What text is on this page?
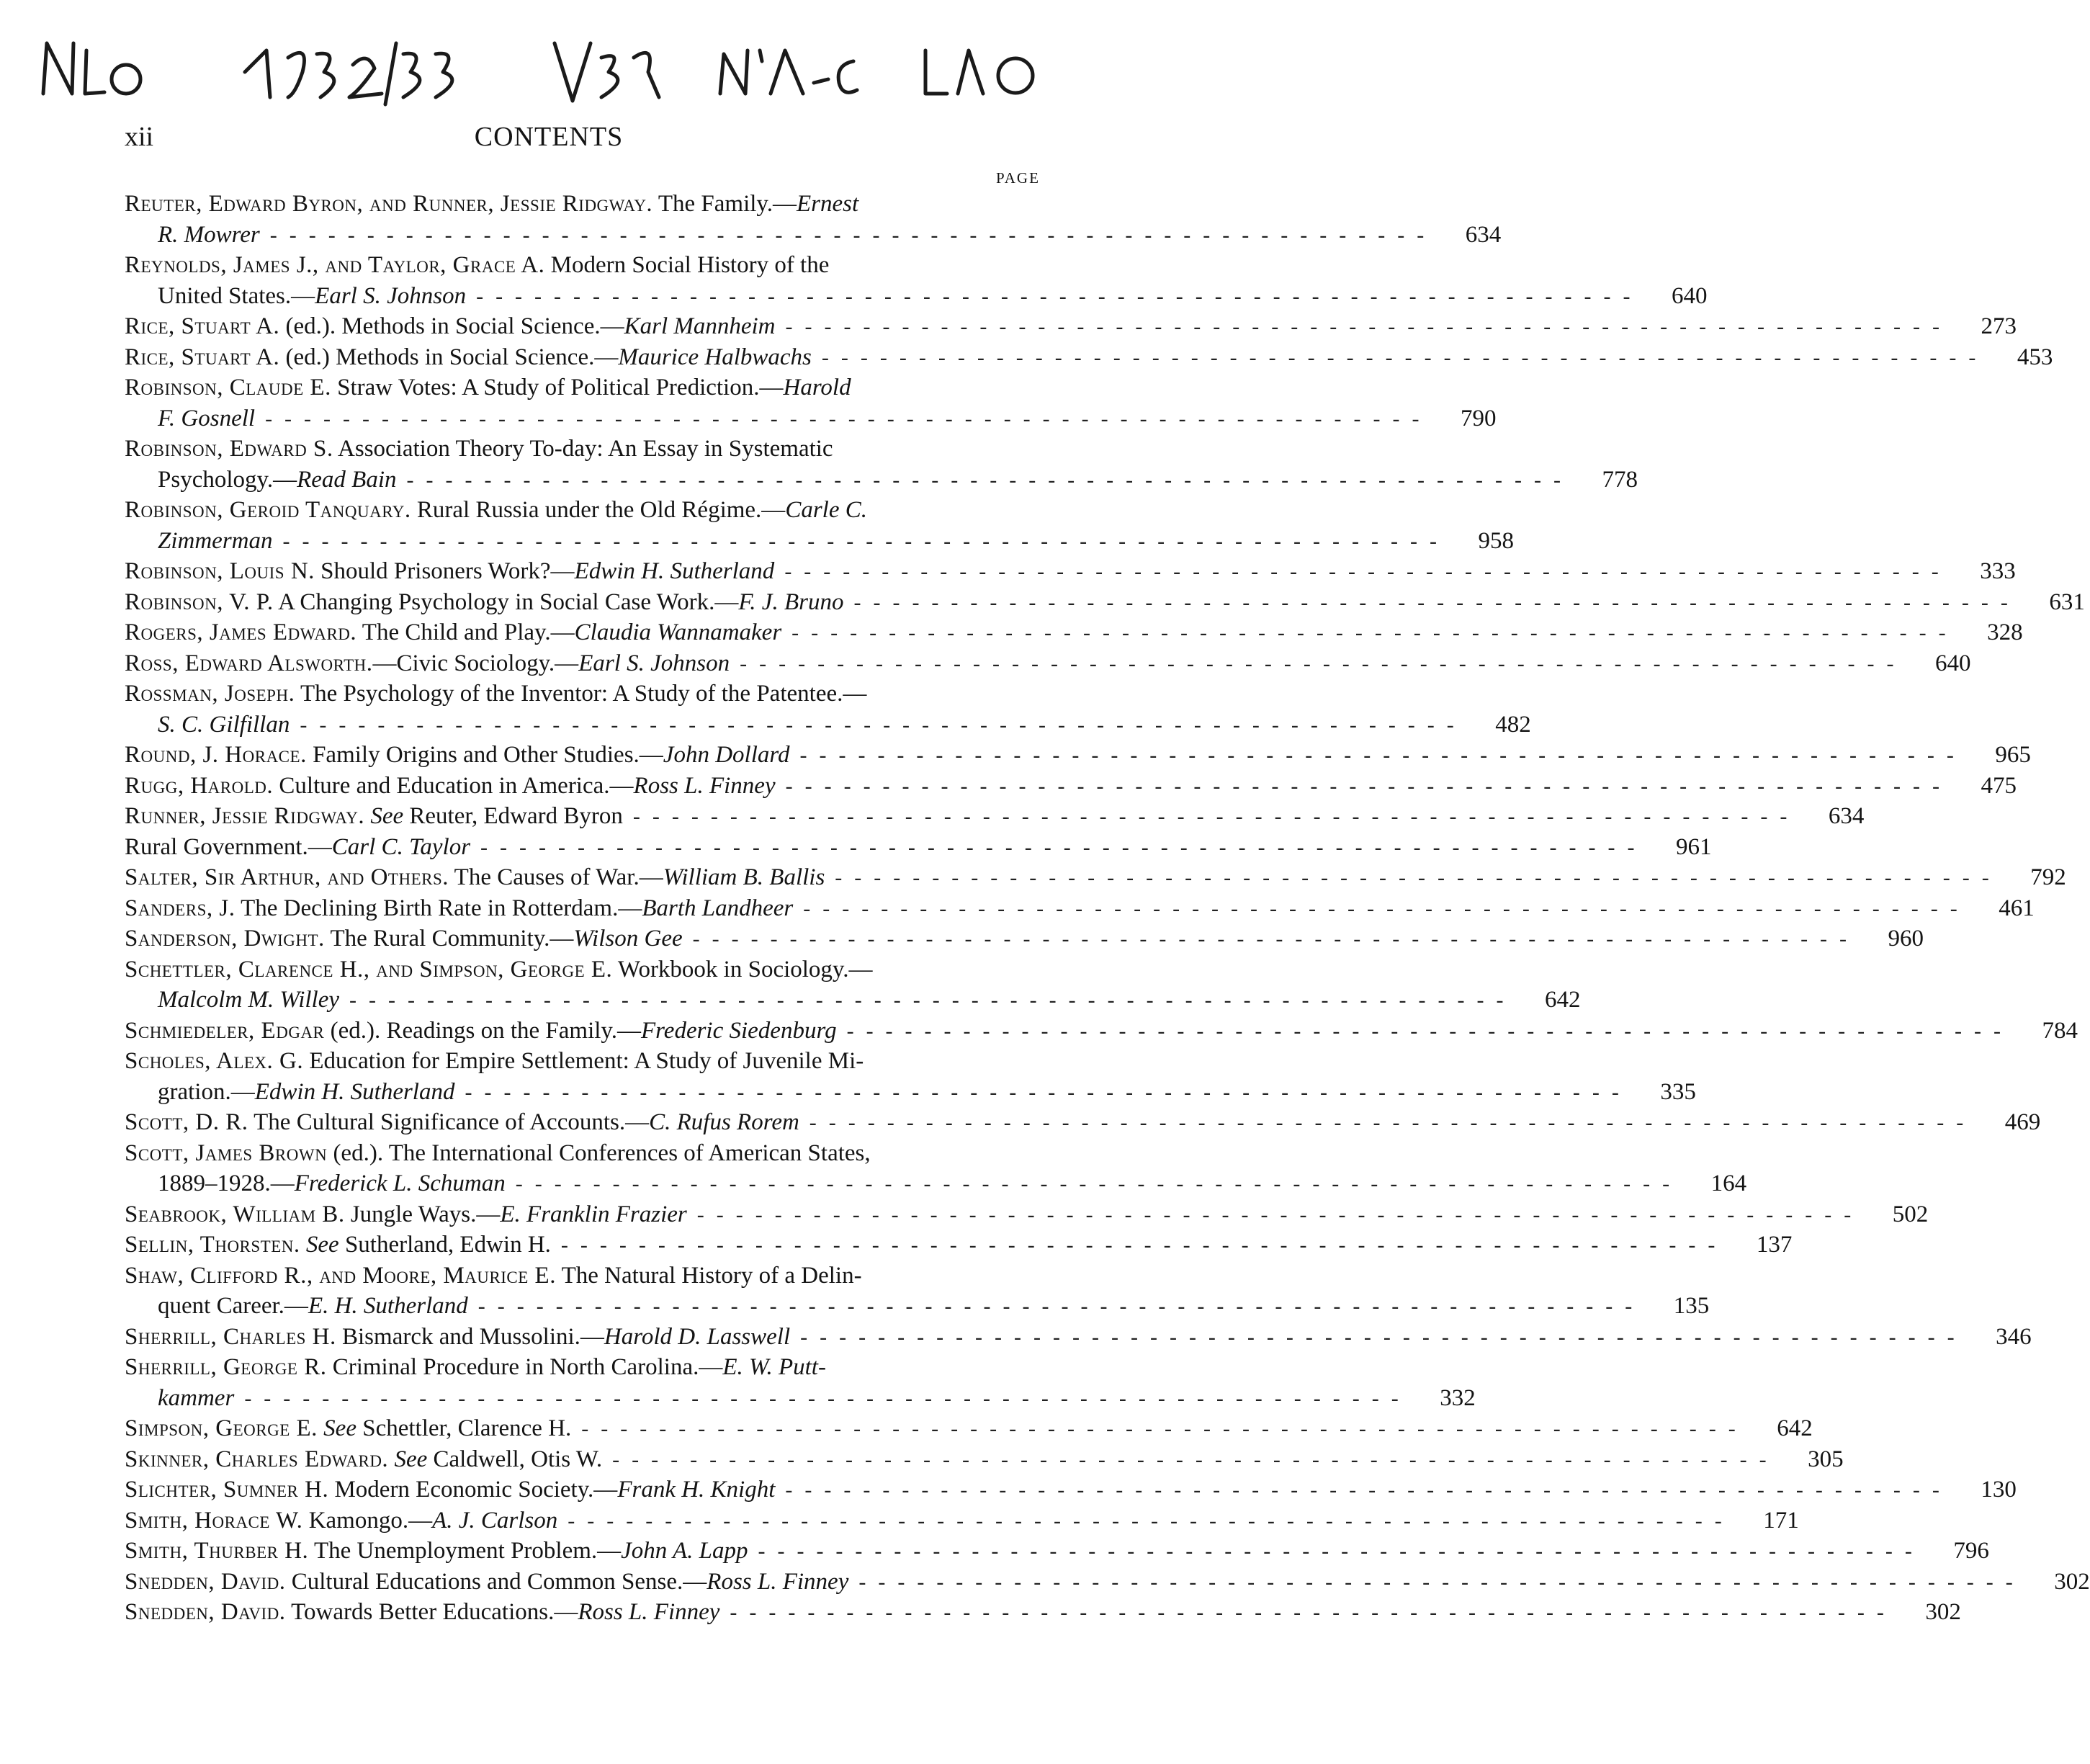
xii	CONTENTS
PAGE
Reuter, Edward Byron, and Runner, Jessie Ridgway. The Family.—Ernest
R. Mowrer ------------------------------------------------------------	634
Reynolds, James J., and Taylor, Grace A. Modern Social History of the
United States.—Earl S. Johnson ------------------------------------------------------------	640
Rice, Stuart A. (ed.). Methods in Social Science.—Karl Mannheim ------------------------------------------------------------	273
Rice, Stuart A. (ed.) Methods in Social Science.—Maurice Halbwachs ------------------------------------------------------------	453
Robinson, Claude E. Straw Votes: A Study of Political Prediction.—Harold
F. Gosnell ------------------------------------------------------------	790
Robinson, Edward S. Association Theory To-day: An Essay in Systematic
Psychology.—Read Bain ------------------------------------------------------------	778
Robinson, Geroid Tanquary. Rural Russia under the Old Régime.—Carle C.
Zimmerman ------------------------------------------------------------	958
Robinson, Louis N. Should Prisoners Work?—Edwin H. Sutherland ------------------------------------------------------------	333
Robinson, V. P. A Changing Psychology in Social Case Work.—F. J. Bruno ------------------------------------------------------------	631
Rogers, James Edward. The Child and Play.—Claudia Wannamaker ------------------------------------------------------------	328
Ross, Edward Alsworth.—Civic Sociology.—Earl S. Johnson ------------------------------------------------------------	640
Rossman, Joseph. The Psychology of the Inventor: A Study of the Patentee.—
S. C. Gilfillan ------------------------------------------------------------	482
Round, J. Horace. Family Origins and Other Studies.—John Dollard ------------------------------------------------------------	965
Rugg, Harold. Culture and Education in America.—Ross L. Finney ------------------------------------------------------------	475
Runner, Jessie Ridgway. See Reuter, Edward Byron ------------------------------------------------------------	634
Rural Government.—Carl C. Taylor ------------------------------------------------------------	961
Salter, Sir Arthur, and Others. The Causes of War.—William B. Ballis ------------------------------------------------------------	792
Sanders, J. The Declining Birth Rate in Rotterdam.—Barth Landheer ------------------------------------------------------------	461
Sanderson, Dwight. The Rural Community.—Wilson Gee ------------------------------------------------------------	960
Schettler, Clarence H., and Simpson, George E. Workbook in Sociology.—
Malcolm M. Willey ------------------------------------------------------------	642
Schmiedeler, Edgar (ed.). Readings on the Family.—Frederic Siedenburg ------------------------------------------------------------	784
Scholes, Alex. G. Education for Empire Settlement: A Study of Juvenile Mi-
gration.—Edwin H. Sutherland ------------------------------------------------------------	335
Scott, D. R. The Cultural Significance of Accounts.—C. Rufus Rorem ------------------------------------------------------------	469
Scott, James Brown (ed.). The International Conferences of American States,
1889–1928.—Frederick L. Schuman ------------------------------------------------------------	164
Seabrook, William B. Jungle Ways.—E. Franklin Frazier ------------------------------------------------------------	502
Sellin, Thorsten. See Sutherland, Edwin H. ------------------------------------------------------------	137
Shaw, Clifford R., and Moore, Maurice E. The Natural History of a Delin-
quent Career.—E. H. Sutherland ------------------------------------------------------------	135
Sherrill, Charles H. Bismarck and Mussolini.—Harold D. Lasswell ------------------------------------------------------------	346
Sherrill, George R. Criminal Procedure in North Carolina.—E. W. Putt-
kammer ------------------------------------------------------------	332
Simpson, George E. See Schettler, Clarence H. ------------------------------------------------------------	642
Skinner, Charles Edward. See Caldwell, Otis W. ------------------------------------------------------------	305
Slichter, Sumner H. Modern Economic Society.—Frank H. Knight ------------------------------------------------------------	130
Smith, Horace W. Kamongo.—A. J. Carlson ------------------------------------------------------------	171
Smith, Thurber H. The Unemployment Problem.—John A. Lapp ------------------------------------------------------------	796
Snedden, David. Cultural Educations and Common Sense.—Ross L. Finney ------------------------------------------------------------	302
Snedden, David. Towards Better Educations.—Ross L. Finney ------------------------------------------------------------	302
